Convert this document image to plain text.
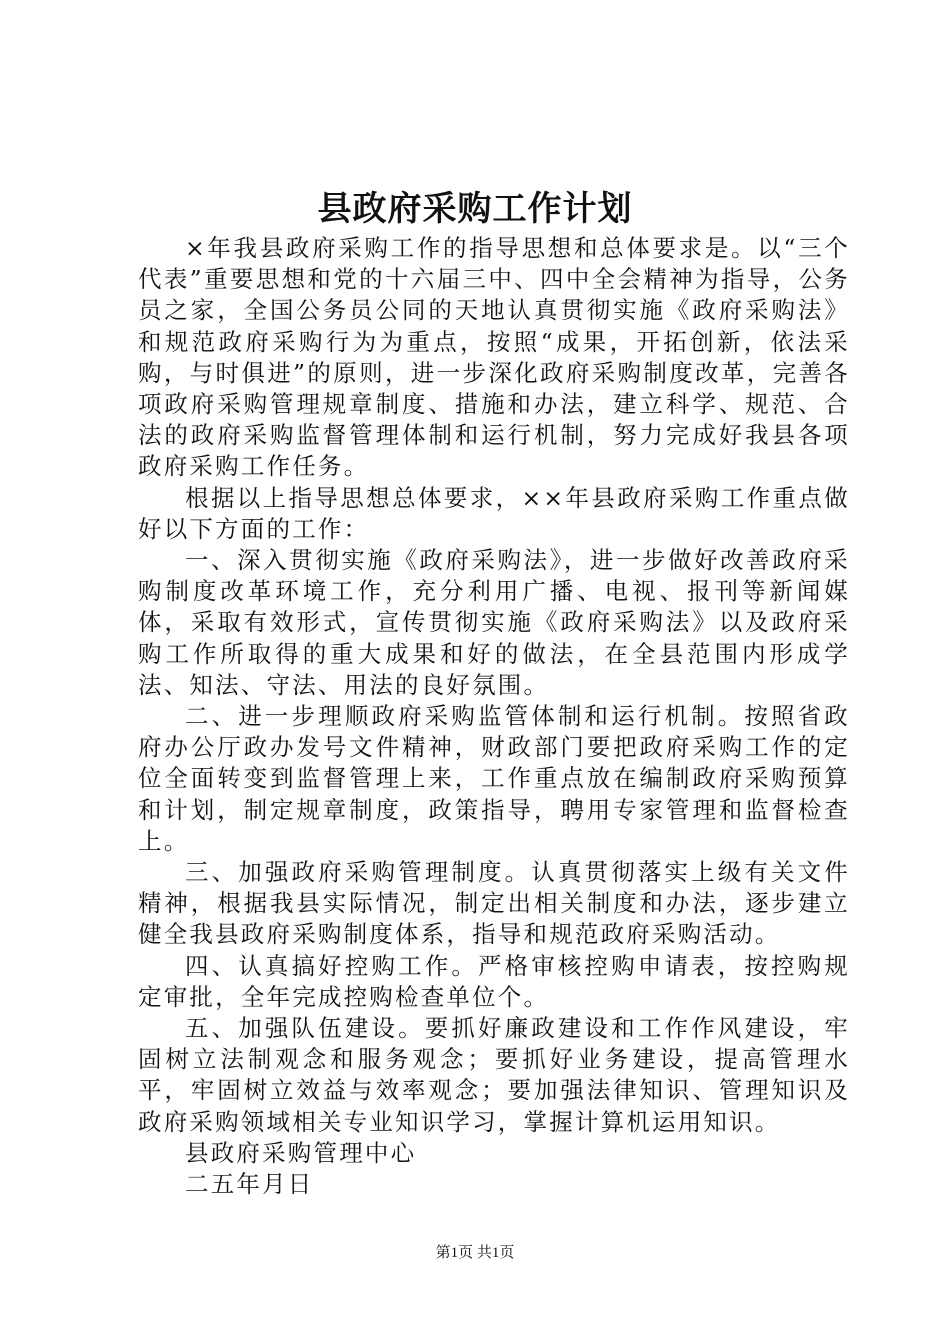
县政府采购工作计划

×年我县政府采购工作的指导思想和总体要求是。以“三个代表”重要思想和党的十六届三中、四中全会精神为指导，公务员之家，全国公务员公同的天地认真贯彻实施《政府采购法》和规范政府采购行为为重点，按照“成果，开拓创新，依法采购，与时俱进”的原则，进一步深化政府采购制度改革，完善各项政府采购管理规章制度、措施和办法，建立科学、规范、合法的政府采购监督管理体制和运行机制，努力完成好我县各项政府采购工作任务。

根据以上指导思想总体要求，××年县政府采购工作重点做好以下方面的工作：

一、深入贯彻实施《政府采购法》，进一步做好改善政府采购制度改革环境工作，充分利用广播、电视、报刊等新闻媒体，采取有效形式，宣传贯彻实施《政府采购法》以及政府采购工作所取得的重大成果和好的做法，在全县范围内形成学法、知法、守法、用法的良好氛围。

二、进一步理顺政府采购监管体制和运行机制。按照省政府办公厅政办发号文件精神，财政部门要把政府采购工作的定位全面转变到监督管理上来，工作重点放在编制政府采购预算和计划，制定规章制度，政策指导，聘用专家管理和监督检查上。

三、加强政府采购管理制度。认真贯彻落实上级有关文件精神，根据我县实际情况，制定出相关制度和办法，逐步建立健全我县政府采购制度体系，指导和规范政府采购活动。

四、认真搞好控购工作。严格审核控购申请表，按控购规定审批，全年完成控购检查单位个。

五、加强队伍建设。要抓好廉政建设和工作作风建设，牢固树立法制观念和服务观念；要抓好业务建设，提高管理水平，牢固树立效益与效率观念；要加强法律知识、管理知识及政府采购领域相关专业知识学习，掌握计算机运用知识。

县政府采购管理中心

二五年月日

第1页 共1页
